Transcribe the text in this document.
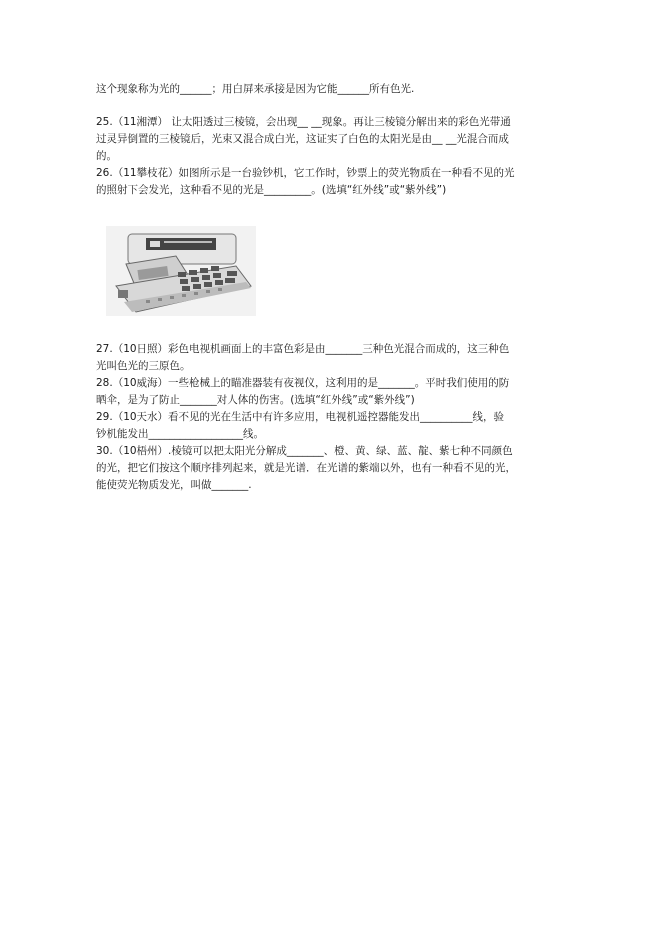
这个现象称为光的______；用白屏来承接是因为它能______所有色光.
25.（11湘潭） 让太阳透过三棱镜，会出现__ __现象。再让三棱镜分解出来的彩色光带通
过灵异倒置的三棱镜后，光束又混合成白光，这证实了白色的太阳光是由__ __光混合而成
的。
26.（11攀枝花）如图所示是一台验钞机，它工作时，钞票上的荧光物质在一种看不见的光
的照射下会发光，这种看不见的光是_________。(选填“红外线”或“紫外线”)
27.（10日照）彩色电视机画面上的丰富色彩是由_______三种色光混合而成的，这三种色
光叫色光的三原色。
28.（10威海）一些枪械上的瞄准器装有夜视仪，这利用的是_______。平时我们使用的防
晒伞，是为了防止_______对人体的伤害。(选填“红外线”或“紫外线”)
29.（10天水）看不见的光在生活中有许多应用，电视机遥控器能发出__________线，验
钞机能发出__________________线。
30.（10梧州）.棱镜可以把太阳光分解成_______、橙、黄、绿、蓝、靛、紫七种不同颜色
的光，把它们按这个顺序排列起来，就是光谱．在光谱的紫端以外，也有一种看不见的光，
能使荧光物质发光，叫做_______.
